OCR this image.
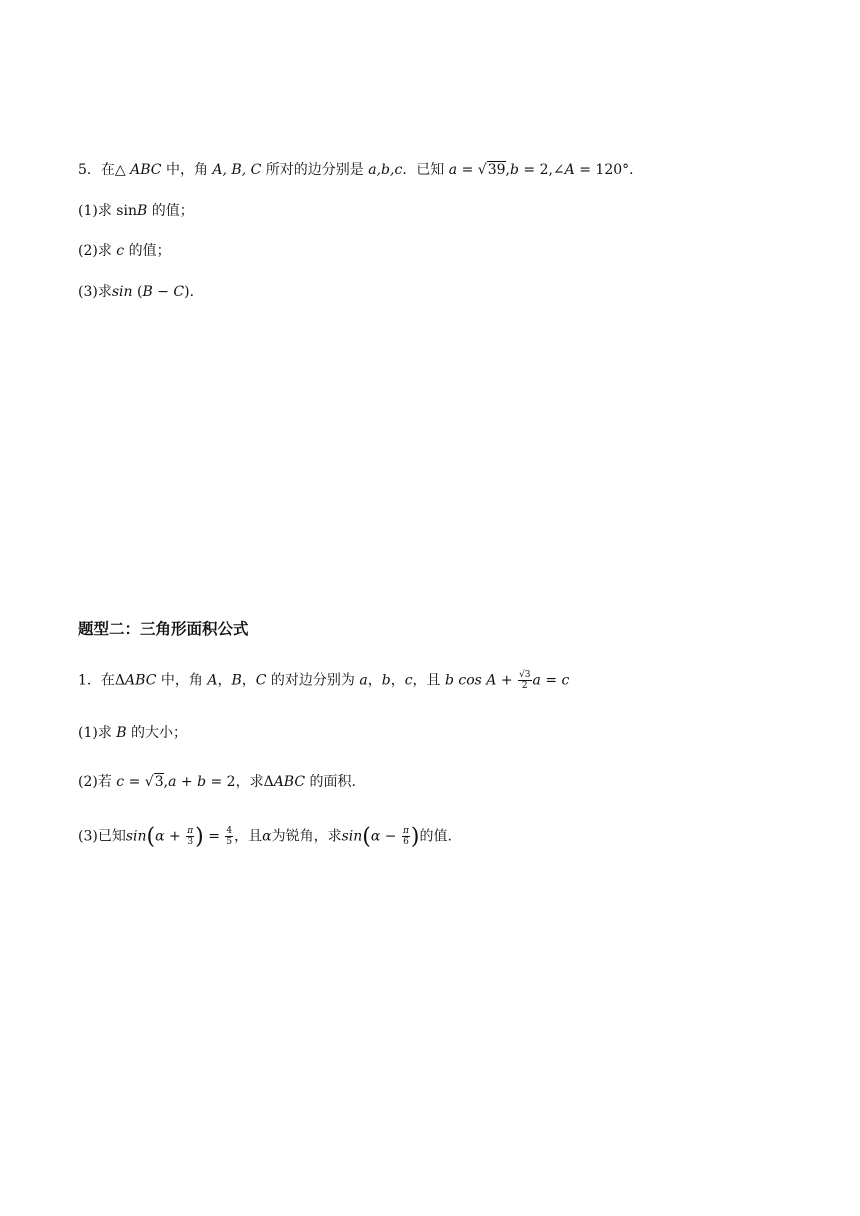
5．在△ ABC 中，角 A, B, C 所对的边分别是 a,b,c．已知 a = √39,b = 2,∠A = 120°．
(1)求 sinB 的值；
(2)求 c 的值；
(3)求sin (B − C)．
题型二：三角形面积公式
1．在ΔABC 中，角 A，B，C 的对边分别为 a，b，c，且 b $\cos A + \frac{√3}{2}$ a = c
(1)求 B 的大小；
(2)若 c = √3,a + b = 2，求ΔABC 的面积.
(3)已知$\sin(\alpha + \frac{\pi}{3}$ ) = $\frac{4}{5}$ ，且α为锐角，求$\sin(\alpha - \frac{\pi}{6}$ )的值.
